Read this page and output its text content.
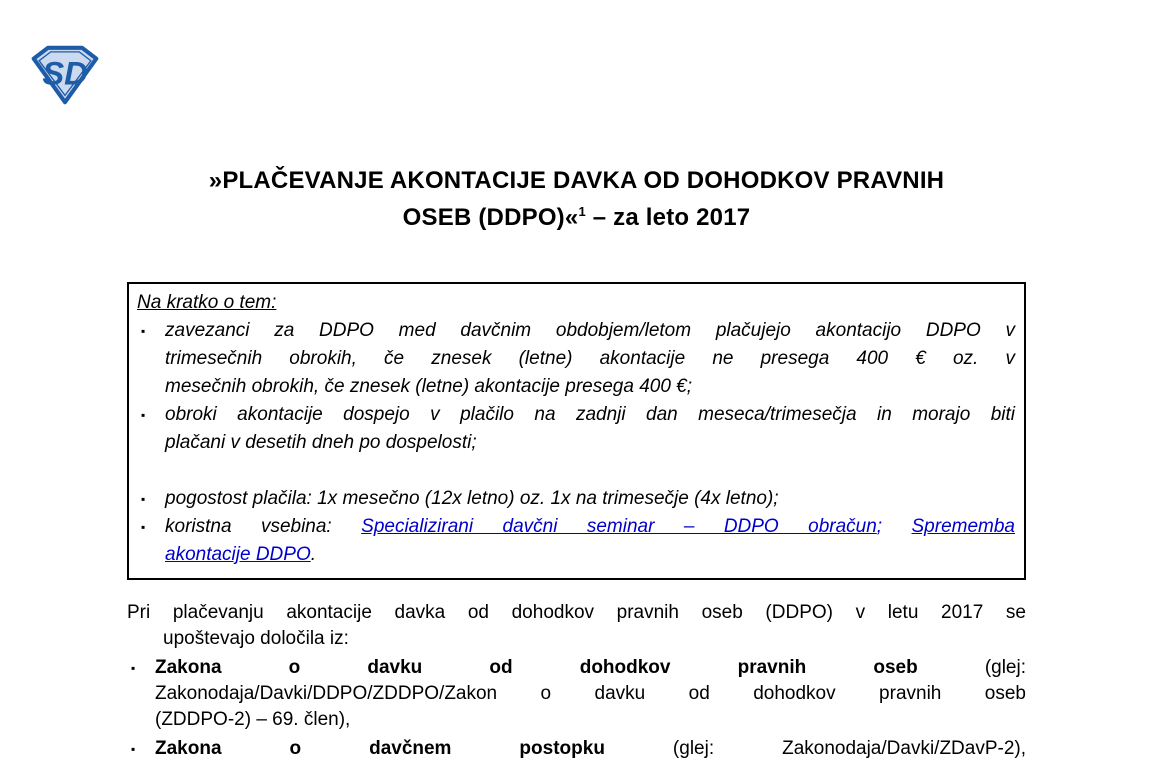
SD
»PLAČEVANJE AKONTACIJE DAVKA OD DOHODKOV PRAVNIH
OSEB (DDPO)«$^1$ – za leto 2017
Na kratko o tem:
▪	zavezanci za DDPO med davčnim obdobjem/letom plačujejo akontacijo DDPO v
trimesečnih obrokih, če znesek (letne) akontacije ne presega 400 € oz. v
mesečnih obrokih, če znesek (letne) akontacije presega 400 €;
▪	obroki akontacije dospejo v plačilo na zadnji dan meseca/trimesečja in morajo biti
plačani v desetih dneh po dospelosti;
▪	pogostost plačila: 1x mesečno (12x letno) oz. 1x na trimesečje (4x letno);
▪	koristna vsebina: Specializirani davčni seminar – DDPO obračun; Sprememba
akontacije DDPO.
Pri plačevanju akontacije davka od dohodkov pravnih oseb (DDPO) v letu 2017 se
upoštevajo določila iz:
▪	Zakona o davku od dohodkov pravnih oseb	(glej:
Zakonodaja/Davki/DDPO/ZDDPO/Zakon o davku od dohodkov pravnih oseb
(ZDDPO-2) – 69. člen),
▪	Zakona o davčnem postopku	(glej: Zakonodaja/Davki/ZDavP-2),
